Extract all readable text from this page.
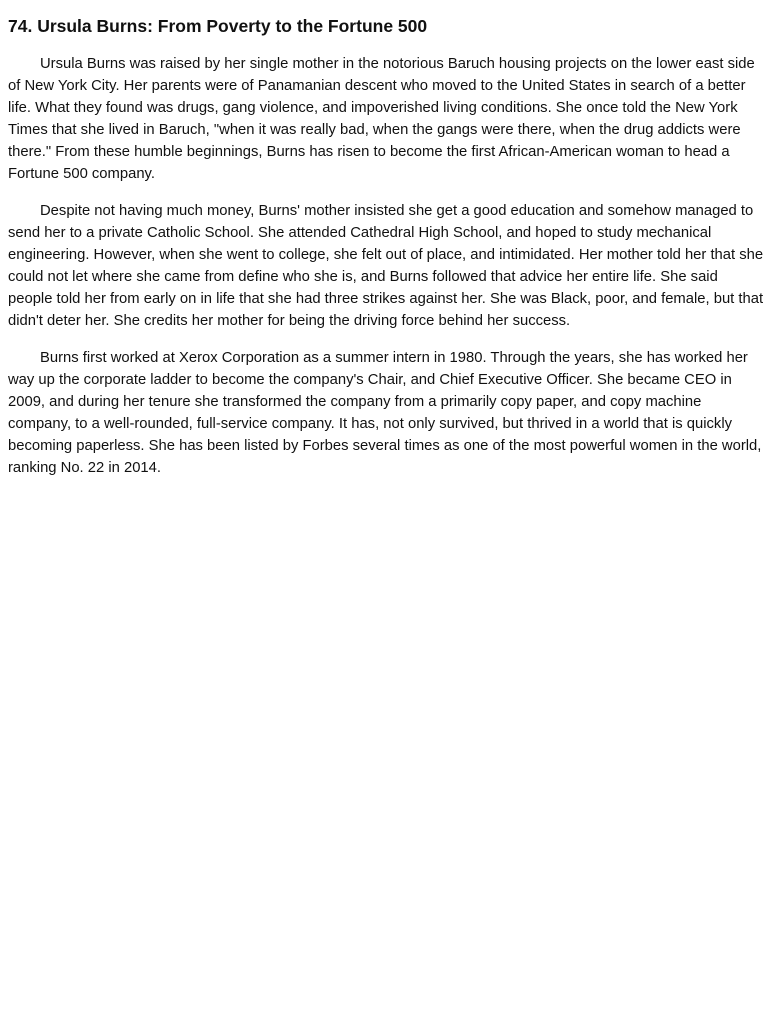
74. Ursula Burns: From Poverty to the Fortune 500

Ursula Burns was raised by her single mother in the notorious Baruch housing projects on the lower east side of New York City. Her parents were of Panamanian descent who moved to the United States in search of a better life. What they found was drugs, gang violence, and impoverished living conditions. She once told the New York Times that she lived in Baruch, "when it was really bad, when the gangs were there, when the drug addicts were there." From these humble beginnings, Burns has risen to become the first African-American woman to head a Fortune 500 company.

Despite not having much money, Burns' mother insisted she get a good education and somehow managed to send her to a private Catholic School. She attended Cathedral High School, and hoped to study mechanical engineering. However, when she went to college, she felt out of place, and intimidated. Her mother told her that she could not let where she came from define who she is, and Burns followed that advice her entire life. She said people told her from early on in life that she had three strikes against her. She was Black, poor, and female, but that didn't deter her. She credits her mother for being the driving force behind her success.

Burns first worked at Xerox Corporation as a summer intern in 1980. Through the years, she has worked her way up the corporate ladder to become the company's Chair, and Chief Executive Officer. She became CEO in 2009, and during her tenure she transformed the company from a primarily copy paper, and copy machine company, to a well-rounded, full-service company. It has, not only survived, but thrived in a world that is quickly becoming paperless. She has been listed by Forbes several times as one of the most powerful women in the world, ranking No. 22 in 2014.
